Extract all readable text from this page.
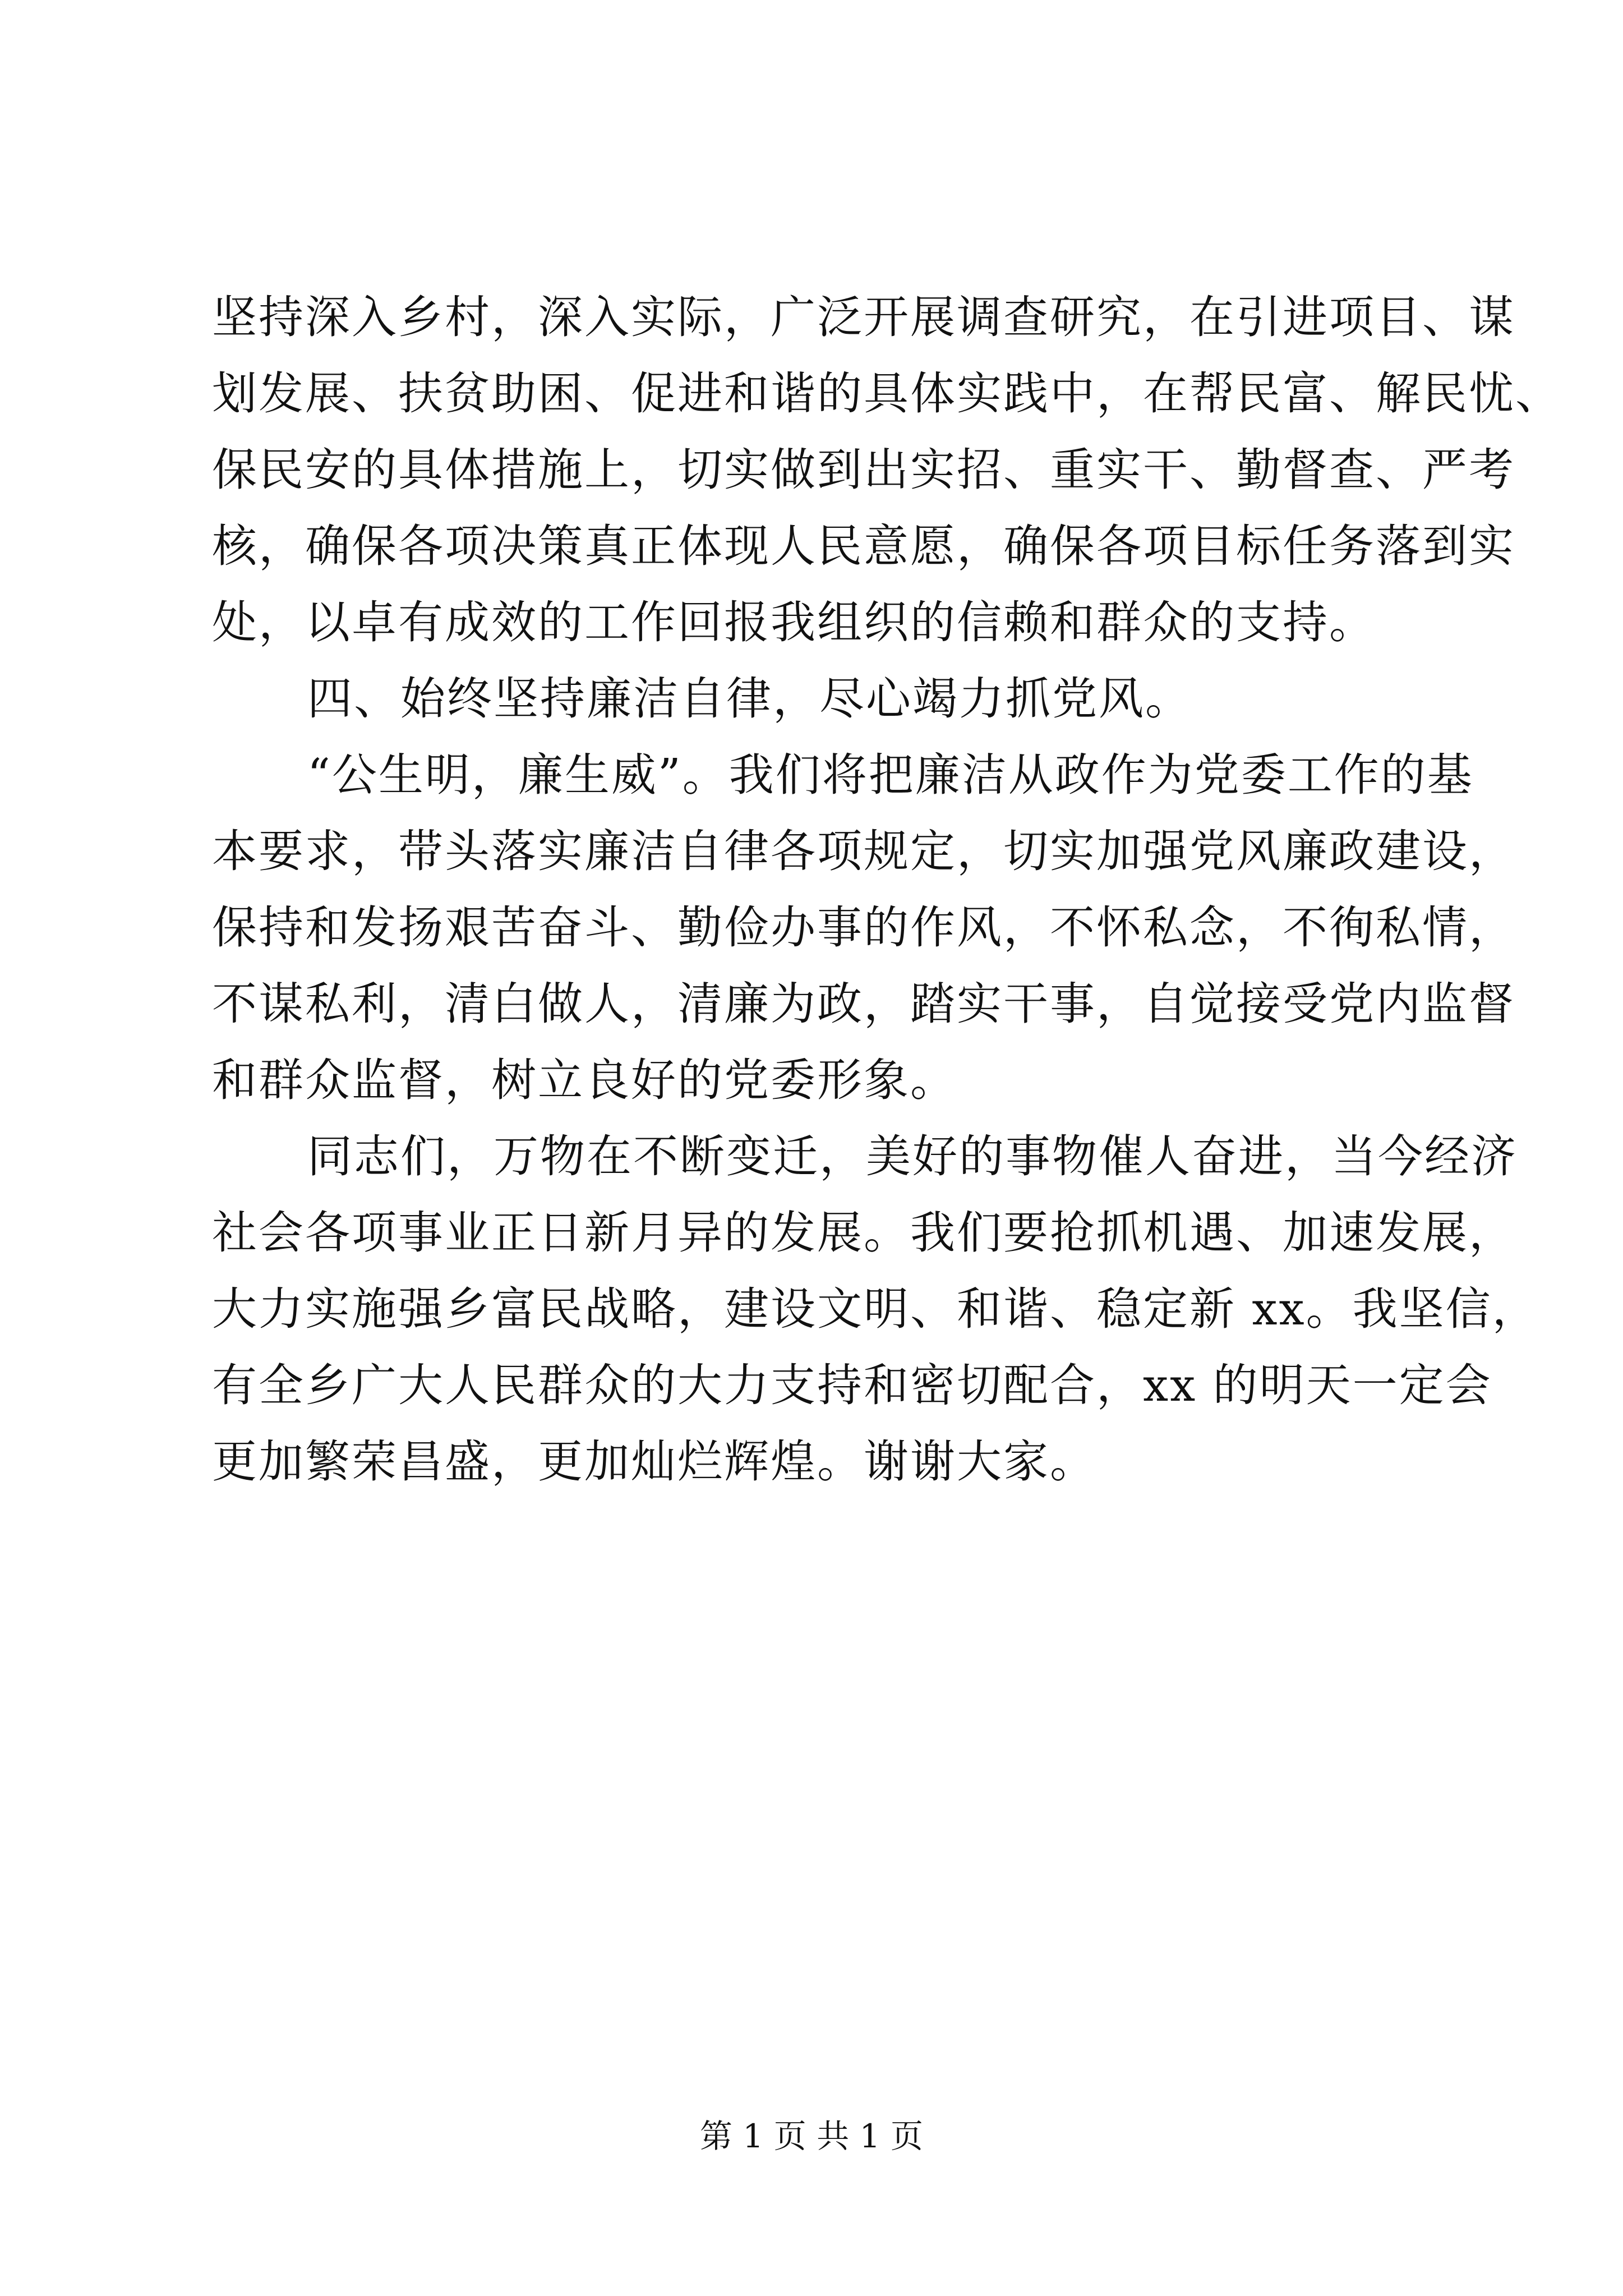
坚持深入乡村，深入实际，广泛开展调查研究，在引进项目、谋
划发展、扶贫助困、促进和谐的具体实践中，在帮民富、解民忧、
保民安的具体措施上，切实做到出实招、重实干、勤督查、严考
核，确保各项决策真正体现人民意愿，确保各项目标任务落到实
处，以卓有成效的工作回报我组织的信赖和群众的支持。
四、始终坚持廉洁自律，尽心竭力抓党风。
“公生明，廉生威”。我们将把廉洁从政作为党委工作的基
本要求，带头落实廉洁自律各项规定，切实加强党风廉政建设，
保持和发扬艰苦奋斗、勤俭办事的作风，不怀私念，不徇私情，
不谋私利，清白做人，清廉为政，踏实干事，自觉接受党内监督
和群众监督，树立良好的党委形象。
同志们，万物在不断变迁，美好的事物催人奋进，当今经济
社会各项事业正日新月异的发展。我们要抢抓机遇、加速发展，
大力实施强乡富民战略，建设文明、和谐、稳定新 xx。我坚信，
有全乡广大人民群众的大力支持和密切配合，xx 的明天一定会
更加繁荣昌盛，更加灿烂辉煌。谢谢大家。
第 1 页 共 1 页
